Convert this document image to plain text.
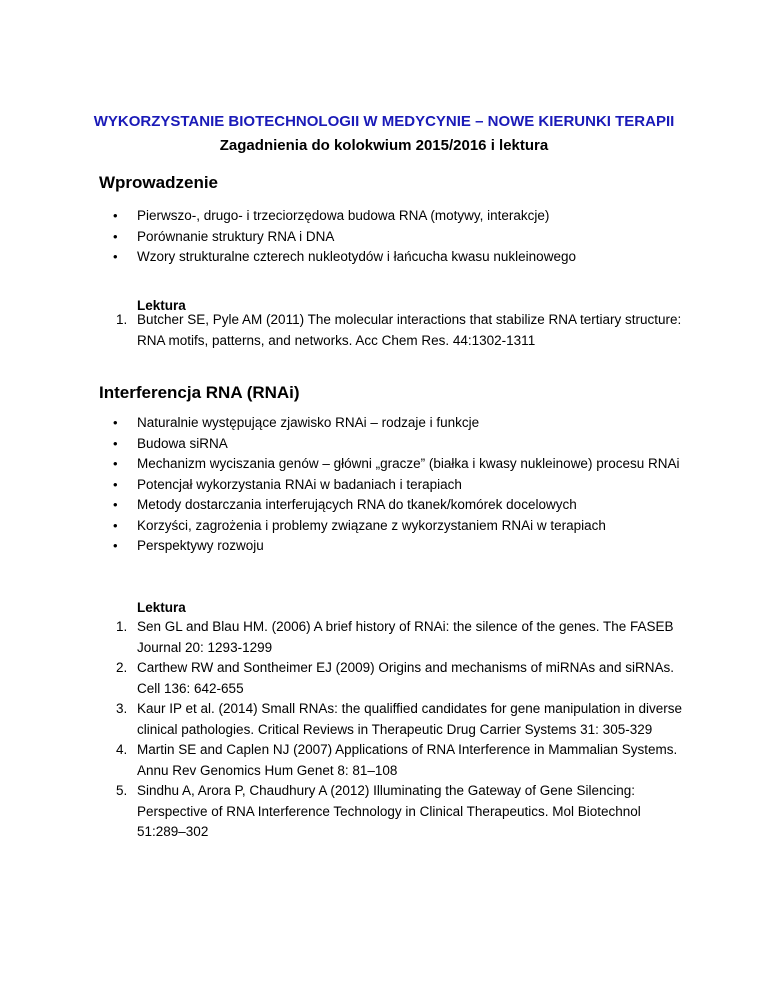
WYKORZYSTANIE BIOTECHNOLOGII W MEDYCYNIE – NOWE KIERUNKI TERAPII
Zagadnienia do kolokwium 2015/2016 i lektura
Wprowadzenie
• Pierwszo-, drugo- i trzeciorzędowa budowa RNA (motywy, interakcje)
• Porównanie struktury RNA i DNA
• Wzory strukturalne czterech nukleotydów i łańcucha kwasu nukleinowego
Lektura
1. Butcher SE, Pyle AM (2011) The molecular interactions that stabilize RNA tertiary structure: RNA motifs, patterns, and networks. Acc Chem Res. 44:1302-1311
Interferencja RNA (RNAi)
• Naturalnie występujące zjawisko RNAi – rodzaje i funkcje
• Budowa siRNA
• Mechanizm wyciszania genów – główni „gracze” (białka i kwasy nukleinowe) procesu RNAi
• Potencjał wykorzystania RNAi w badaniach i terapiach
• Metody dostarczania interferujących RNA do tkanek/komórek docelowych
• Korzyści, zagrożenia i problemy związane z wykorzystaniem RNAi w terapiach
• Perspektywy rozwoju
Lektura
1. Sen GL and Blau HM. (2006) A brief history of RNAi: the silence of the genes. The FASEB Journal 20: 1293-1299
2. Carthew RW and Sontheimer EJ (2009) Origins and mechanisms of miRNAs and siRNAs. Cell 136: 642-655
3. Kaur IP et al. (2014) Small RNAs: the qualiffied candidates for gene manipulation in diverse clinical pathologies. Critical Reviews in Therapeutic Drug Carrier Systems 31: 305-329
4. Martin SE and Caplen NJ (2007) Applications of RNA Interference in Mammalian Systems. Annu Rev Genomics Hum Genet 8: 81–108
5. Sindhu A, Arora P, Chaudhury A (2012) Illuminating the Gateway of Gene Silencing: Perspective of RNA Interference Technology in Clinical Therapeutics. Mol Biotechnol 51:289–302
